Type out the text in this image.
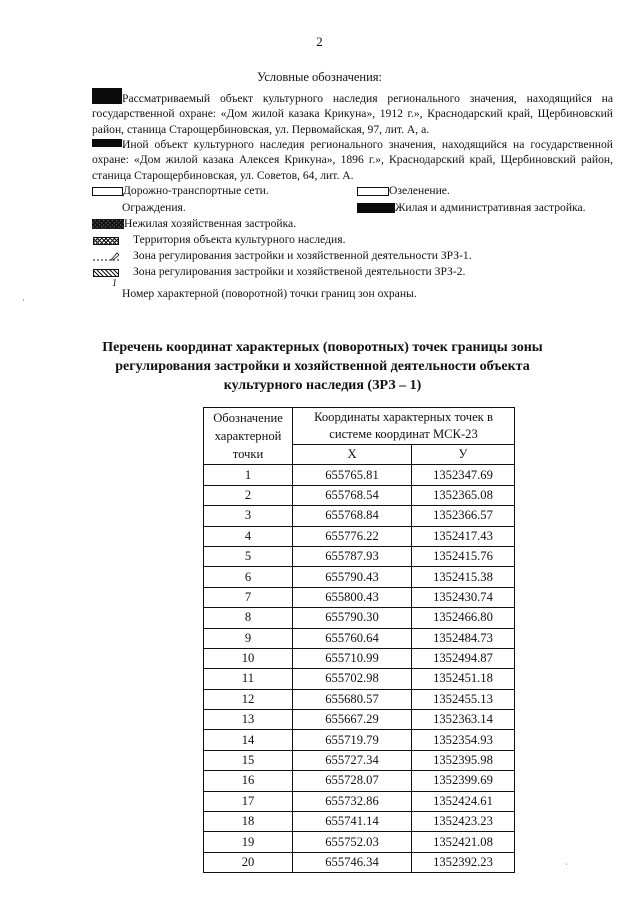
2
Условные обозначения:
Рассматриваемый объект культурного наследия регионального значения, находящийся на государственной охране: «Дом жилой казака Крикуна», 1912 г.», Краснодарский край, Щербиновский район, станица Старощербиновская, ул. Первомайская, 97, лит. А, а.
Иной объект культурного наследия регионального значения, находящийся на государственной охране: «Дом жилой казака Алексея Крикуна», 1896 г.», Краснодарский край, Щербиновский район, станица Старощербиновская, ул. Советов, 64, лит. А.
Дорожно-транспортные сети.	Озеленение.
Ограждения.	Жилая и административная застройка.
Нежилая хозяйственная застройка.
Территория объекта культурного наследия.
Зона регулирования застройки и хозяйственной деятельности ЗРЗ-1.
Зона регулирования застройки и хозяйственой деятельности ЗРЗ-2.
1
Номер характерной (поворотной) точки границ зон охраны.
·
Перечень координат характерных (поворотных) точек границы зоны регулирования застройки и хозяйственной деятельности объекта культурного наследия (ЗРЗ – 1)
Обозначение характерной точки	Координаты характерных точек в системе координат МСК-23	
	X	У
1	655765.81	1352347.69
2	655768.54	1352365.08
3	655768.84	1352366.57
4	655776.22	1352417.43
5	655787.93	1352415.76
6	655790.43	1352415.38
7	655800.43	1352430.74
8	655790.30	1352466.80
9	655760.64	1352484.73
10	655710.99	1352494.87
11	655702.98	1352451.18
12	655680.57	1352455.13
13	655667.29	1352363.14
14	655719.79	1352354.93
15	655727.34	1352395.98
16	655728.07	1352399.69
17	655732.86	1352424.61
18	655741.14	1352423.23
19	655752.03	1352421.08
20	655746.34	1352392.23	˙
